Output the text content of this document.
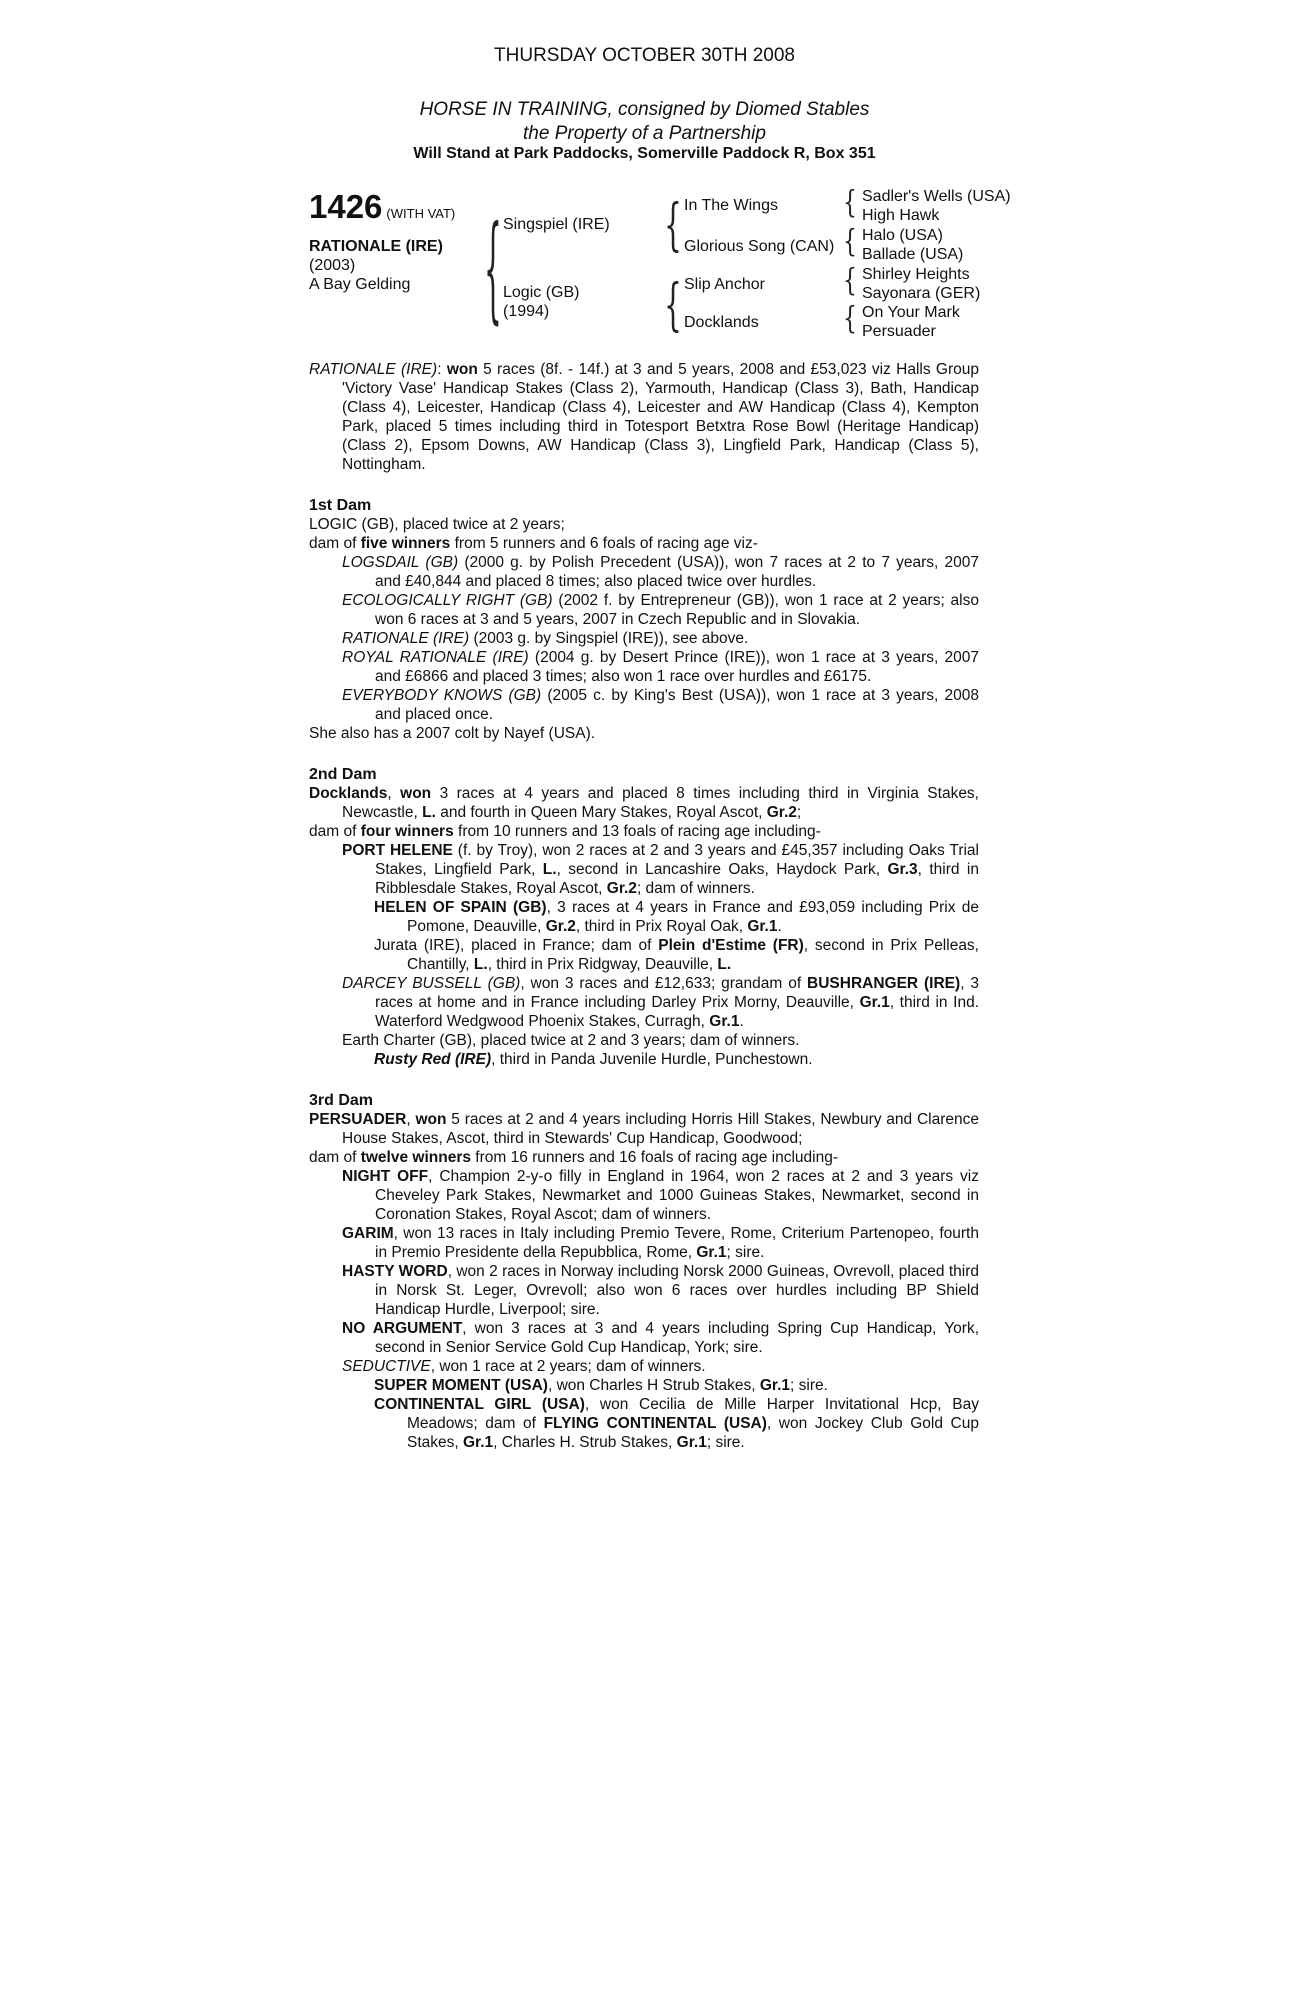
THURSDAY OCTOBER 30TH 2008
HORSE IN TRAINING, consigned by Diomed Stables
the Property of a Partnership
Will Stand at Park Paddocks, Somerville Paddock R, Box 351
1426 (WITH VAT)
RATIONALE (IRE)
(2003)
A Bay Gelding	{	{
{
{
{
{
{
Singspiel (IRE)
Logic (GB)
(1994)
In The Wings
Glorious Song (CAN)
Slip Anchor
Docklands
Sadler's Wells (USA)
High Hawk
Halo (USA)
Ballade (USA)
Shirley Heights
Sayonara (GER)
On Your Mark
Persuader

RATIONALE (IRE): won 5 races (8f. - 14f.) at 3 and 5 years, 2008 and £53,023 viz Halls Group 'Victory Vase' Handicap Stakes (Class 2), Yarmouth, Handicap (Class 3), Bath, Handicap (Class 4), Leicester, Handicap (Class 4), Leicester and AW Handicap (Class 4), Kempton Park, placed 5 times including third in Totesport Betxtra Rose Bowl (Heritage Handicap) (Class 2), Epsom Downs, AW Handicap (Class 3), Lingfield Park, Handicap (Class 5), Nottingham.

1st Dam

LOGIC (GB), placed twice at 2 years;

dam of five winners from 5 runners and 6 foals of racing age viz-

LOGSDAIL (GB) (2000 g. by Polish Precedent (USA)), won 7 races at 2 to 7 years, 2007 and £40,844 and placed 8 times; also placed twice over hurdles.

ECOLOGICALLY RIGHT (GB) (2002 f. by Entrepreneur (GB)), won 1 race at 2 years; also won 6 races at 3 and 5 years, 2007 in Czech Republic and in Slovakia.

RATIONALE (IRE) (2003 g. by Singspiel (IRE)), see above.

ROYAL RATIONALE (IRE) (2004 g. by Desert Prince (IRE)), won 1 race at 3 years, 2007 and £6866 and placed 3 times; also won 1 race over hurdles and £6175.

EVERYBODY KNOWS (GB) (2005 c. by King's Best (USA)), won 1 race at 3 years, 2008 and placed once.

She also has a 2007 colt by Nayef (USA).

2nd Dam

Docklands, won 3 races at 4 years and placed 8 times including third in Virginia Stakes, Newcastle, L. and fourth in Queen Mary Stakes, Royal Ascot, Gr.2;

dam of four winners from 10 runners and 13 foals of racing age including-

PORT HELENE (f. by Troy), won 2 races at 2 and 3 years and £45,357 including Oaks Trial Stakes, Lingfield Park, L., second in Lancashire Oaks, Haydock Park, Gr.3, third in Ribblesdale Stakes, Royal Ascot, Gr.2; dam of winners.

HELEN OF SPAIN (GB), 3 races at 4 years in France and £93,059 including Prix de Pomone, Deauville, Gr.2, third in Prix Royal Oak, Gr.1.

Jurata (IRE), placed in France; dam of Plein d'Estime (FR), second in Prix Pelleas, Chantilly, L., third in Prix Ridgway, Deauville, L.

DARCEY BUSSELL (GB), won 3 races and £12,633; grandam of BUSHRANGER (IRE), 3 races at home and in France including Darley Prix Morny, Deauville, Gr.1, third in Ind. Waterford Wedgwood Phoenix Stakes, Curragh, Gr.1.

Earth Charter (GB), placed twice at 2 and 3 years; dam of winners.

Rusty Red (IRE), third in Panda Juvenile Hurdle, Punchestown.

3rd Dam

PERSUADER, won 5 races at 2 and 4 years including Horris Hill Stakes, Newbury and Clarence House Stakes, Ascot, third in Stewards' Cup Handicap, Goodwood;

dam of twelve winners from 16 runners and 16 foals of racing age including-

NIGHT OFF, Champion 2-y-o filly in England in 1964, won 2 races at 2 and 3 years viz Cheveley Park Stakes, Newmarket and 1000 Guineas Stakes, Newmarket, second in Coronation Stakes, Royal Ascot; dam of winners.

GARIM, won 13 races in Italy including Premio Tevere, Rome, Criterium Partenopeo, fourth in Premio Presidente della Repubblica, Rome, Gr.1; sire.

HASTY WORD, won 2 races in Norway including Norsk 2000 Guineas, Ovrevoll, placed third in Norsk St. Leger, Ovrevoll; also won 6 races over hurdles including BP Shield Handicap Hurdle, Liverpool; sire.

NO ARGUMENT, won 3 races at 3 and 4 years including Spring Cup Handicap, York, second in Senior Service Gold Cup Handicap, York; sire.

SEDUCTIVE, won 1 race at 2 years; dam of winners.

SUPER MOMENT (USA), won Charles H Strub Stakes, Gr.1; sire.

CONTINENTAL GIRL (USA), won Cecilia de Mille Harper Invitational Hcp, Bay Meadows; dam of FLYING CONTINENTAL (USA), won Jockey Club Gold Cup Stakes, Gr.1, Charles H. Strub Stakes, Gr.1; sire.
